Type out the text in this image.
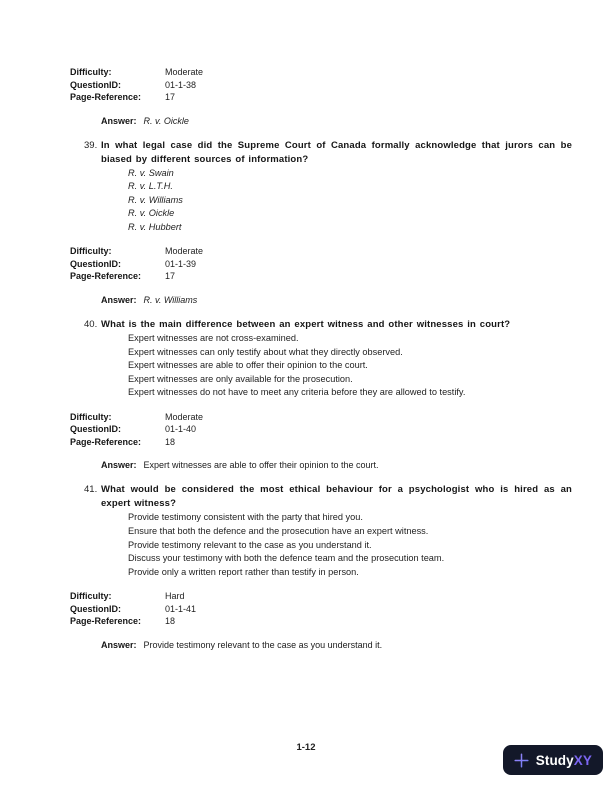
Difficulty:	Moderate
QuestionID:	01-1-38
Page-Reference:	17
Answer: R. v. Oickle
39. In what legal case did the Supreme Court of Canada formally acknowledge that jurors can be biased by different sources of information?
R. v. Swain
R. v. L.T.H.
R. v. Williams
R. v. Oickle
R. v. Hubbert
Difficulty:	Moderate
QuestionID:	01-1-39
Page-Reference:	17
Answer: R. v. Williams
40. What is the main difference between an expert witness and other witnesses in court?
Expert witnesses are not cross-examined.
Expert witnesses can only testify about what they directly observed.
Expert witnesses are able to offer their opinion to the court.
Expert witnesses are only available for the prosecution.
Expert witnesses do not have to meet any criteria before they are allowed to testify.
Difficulty:	Moderate
QuestionID:	01-1-40
Page-Reference:	18
Answer: Expert witnesses are able to offer their opinion to the court.
41. What would be considered the most ethical behaviour for a psychologist who is hired as an expert witness?
Provide testimony consistent with the party that hired you.
Ensure that both the defence and the prosecution have an expert witness.
Provide testimony relevant to the case as you understand it.
Discuss your testimony with both the defence team and the prosecution team.
Provide only a written report rather than testify in person.
Difficulty:	Hard
QuestionID:	01-1-41
Page-Reference:	18
Answer: Provide testimony relevant to the case as you understand it.
1-12
StudyXY
